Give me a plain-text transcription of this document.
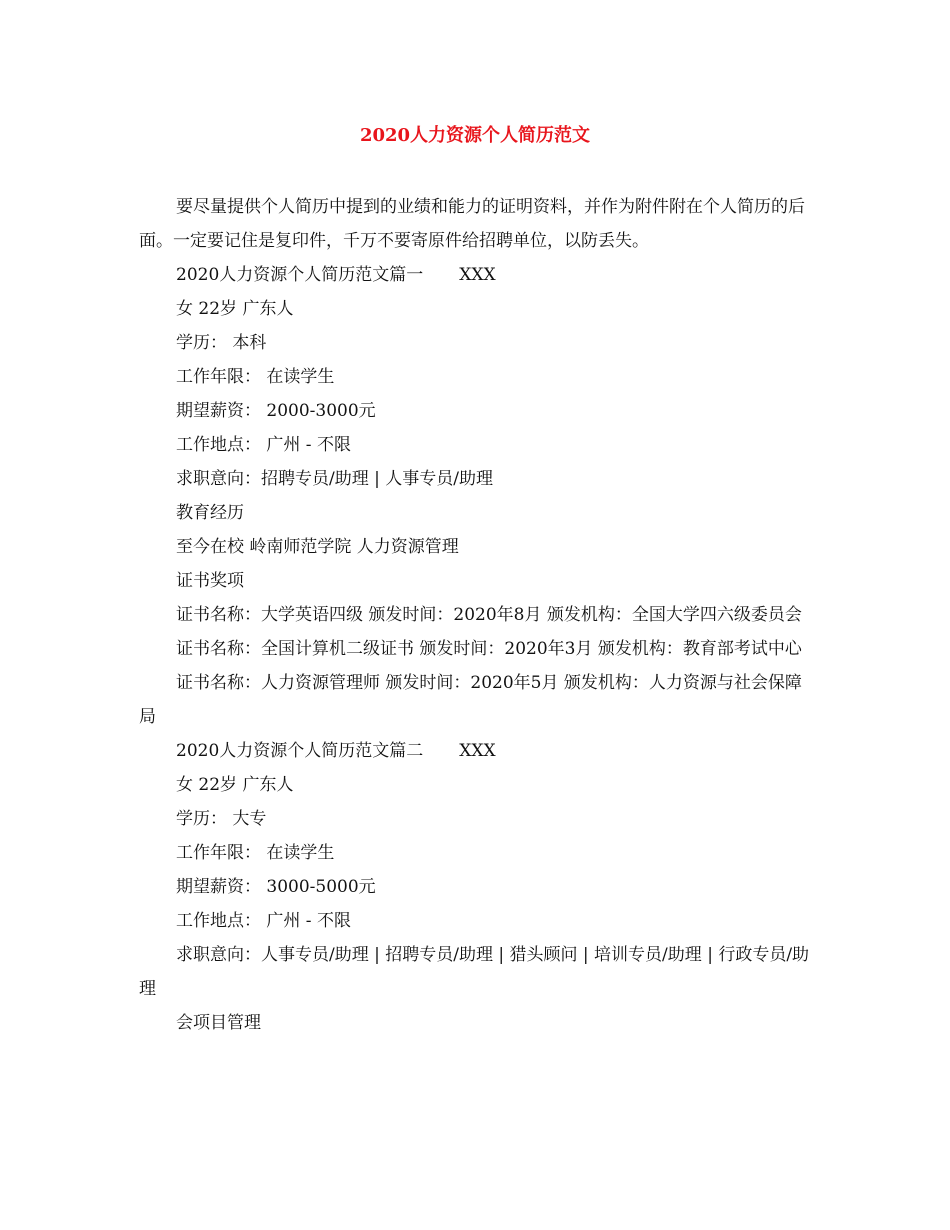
2020人力资源个人简历范文

要尽量提供个人简历中提到的业绩和能力的证明资料，并作为附件附在个人简历的后面。一定要记住是复印件，千万不要寄原件给招聘单位，以防丢失。

2020人力资源个人简历范文篇一 XXX

女 22岁 广东人

学历： 本科

工作年限： 在读学生

期望薪资： 2000-3000元

工作地点： 广州 - 不限

求职意向：招聘专员/助理 | 人事专员/助理

教育经历

至今在校 岭南师范学院 人力资源管理

证书奖项

证书名称：大学英语四级 颁发时间：2020年8月 颁发机构：全国大学四六级委员会

证书名称：全国计算机二级证书 颁发时间：2020年3月 颁发机构：教育部考试中心

证书名称：人力资源管理师 颁发时间：2020年5月 颁发机构：人力资源与社会保障局

2020人力资源个人简历范文篇二 XXX

女 22岁 广东人

学历： 大专

工作年限： 在读学生

期望薪资： 3000-5000元

工作地点： 广州 - 不限

求职意向：人事专员/助理 | 招聘专员/助理 | 猎头顾问 | 培训专员/助理 | 行政专员/助理

会项目管理
